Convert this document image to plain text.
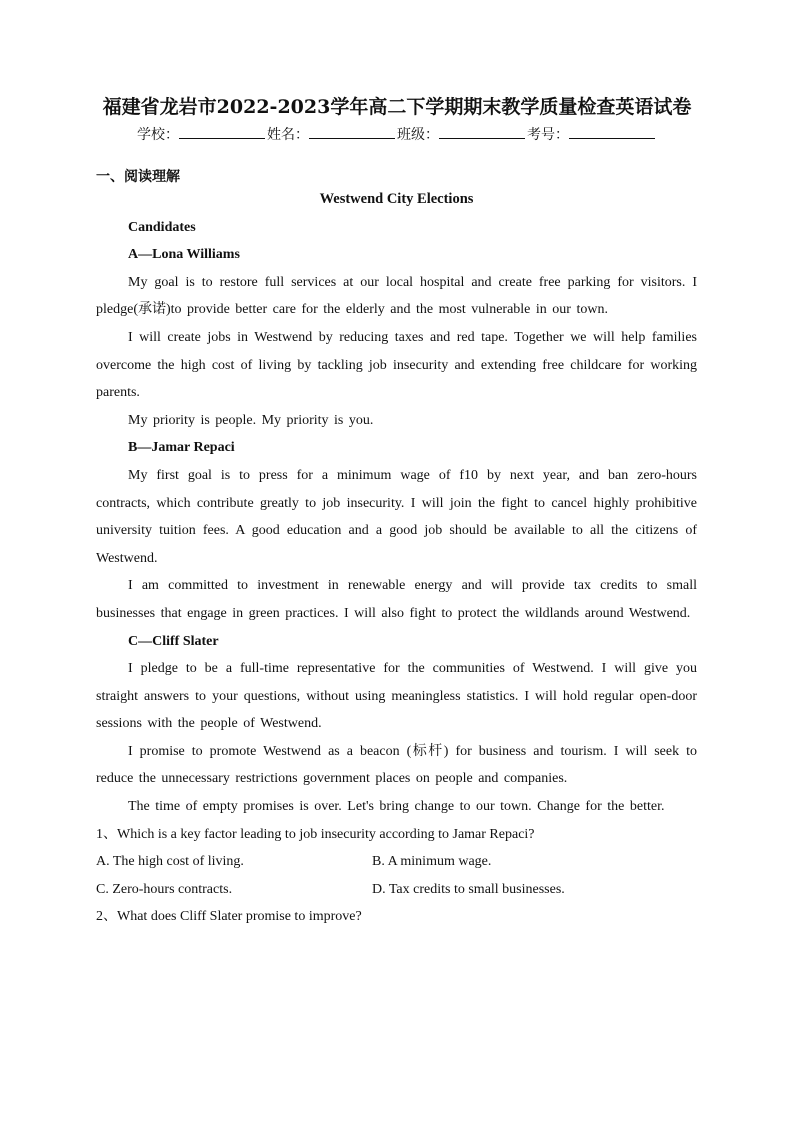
福建省龙岩市2022-2023学年高二下学期期末教学质量检查英语试卷
学校：	姓名：	班级：	考号：
一、阅读理解

Westwend City Elections

Candidates

A—Lona Williams

My goal is to restore full services at our local hospital and create free parking for visitors. I pledge(承诺)to provide better care for the elderly and the most vulnerable in our town.

I will create jobs in Westwend by reducing taxes and red tape. Together we will help families overcome the high cost of living by tackling job insecurity and extending free childcare for working parents.

My priority is people. My priority is you.

B—Jamar Repaci

My first goal is to press for a minimum wage of f10 by next year, and ban zero-hours contracts, which contribute greatly to job insecurity. I will join the fight to cancel highly prohibitive university tuition fees. A good education and a good job should be available to all the citizens of Westwend.

I am committed to investment in renewable energy and will provide tax credits to small businesses that engage in green practices. I will also fight to protect the wildlands around Westwend.

C—Cliff Slater

I pledge to be a full-time representative for the communities of Westwend. I will give you straight answers to your questions, without using meaningless statistics. I will hold regular open-door sessions with the people of Westwend.

I promise to promote Westwend as a beacon (标杆) for business and tourism. I will seek to reduce the unnecessary restrictions government places on people and companies.

The time of empty promises is over. Let's bring change to our town. Change for the better.

1、Which is a key factor leading to job insecurity according to Jamar Repaci?

A. The high cost of living.	B. A minimum wage.
C. Zero-hours contracts.	D. Tax credits to small businesses.

2、What does Cliff Slater promise to improve?
